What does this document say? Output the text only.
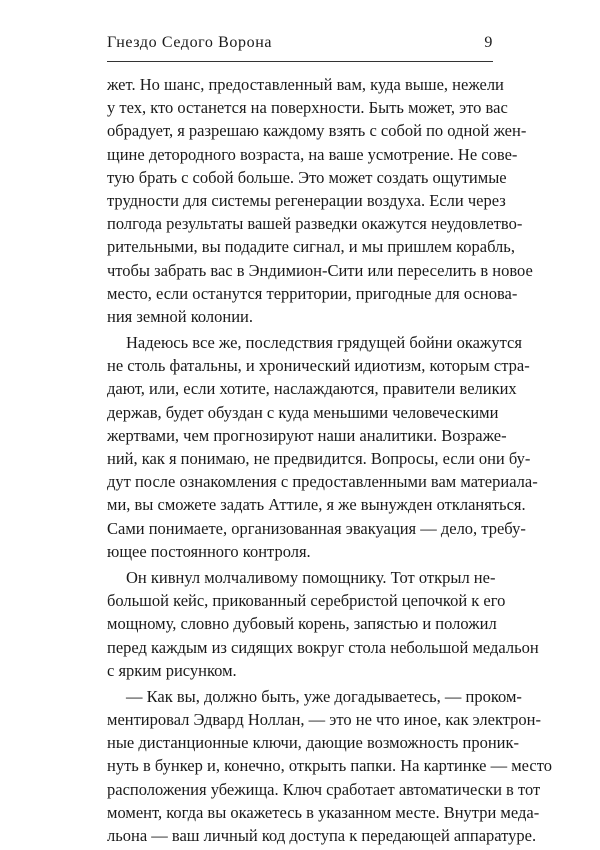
Гнездо Седого Ворона	9
жет. Но шанс, предоставленный вам, куда выше, нежели
у тех, кто останется на поверхности. Быть может, это вас
обрадует, я разрешаю каждому взять с собой по одной жен-
щине детородного возраста, на ваше усмотрение. Не сове-
тую брать с собой больше. Это может создать ощутимые
трудности для системы регенерации воздуха. Если через
полгода результаты вашей разведки окажутся неудовлетво-
рительными, вы подадите сигнал, и мы пришлем корабль,
чтобы забрать вас в Эндимион-Сити или переселить в новое
место, если останутся территории, пригодные для основа-
ния земной колонии.
Надеюсь все же, последствия грядущей бойни окажутся
не столь фатальны, и хронический идиотизм, которым стра-
дают, или, если хотите, наслаждаются, правители великих
держав, будет обуздан с куда меньшими человеческими
жертвами, чем прогнозируют наши аналитики. Возраже-
ний, как я понимаю, не предвидится. Вопросы, если они бу-
дут после ознакомления с предоставленными вам материала-
ми, вы сможете задать Аттиле, я же вынужден откланяться.
Сами понимаете, организованная эвакуация — дело, требу-
ющее постоянного контроля.
Он кивнул молчаливому помощнику. Тот открыл не-
большой кейс, прикованный серебристой цепочкой к его
мощному, словно дубовый корень, запястью и положил
перед каждым из сидящих вокруг стола небольшой медальон
с ярким рисунком.
— Как вы, должно быть, уже догадываетесь, — проком-
ментировал Эдвард Ноллан, — это не что иное, как электрон-
ные дистанционные ключи, дающие возможность проник-
нуть в бункер и, конечно, открыть папки. На картинке — место
расположения убежища. Ключ сработает автоматически в тот
момент, когда вы окажетесь в указанном месте. Внутри меда-
льона — ваш личный код доступа к передающей аппаратуре.
